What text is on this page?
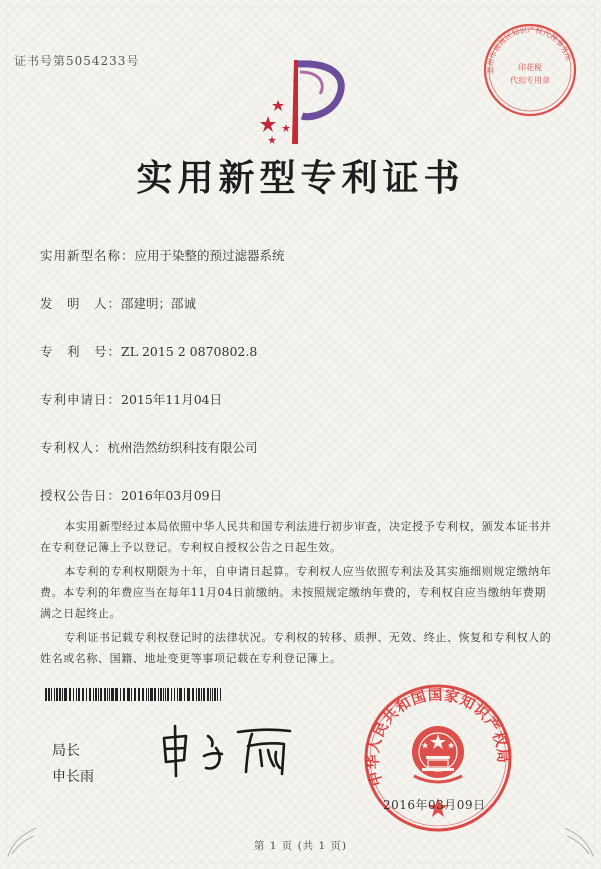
证书号第5054233号
温州市鹿城区知识产权代理事务所
印花税
代扣专用章
实用新型专利证书
实用新型名称：应用于染整的预过滤器系统
发　明　人：邵建明；邵诚
专　利　号：ZL 2015 2 0870802.8
专利申请日：2015年11月04日
专利权人：杭州浩然纺织科技有限公司
授权公告日：2016年03月09日

本实用新型经过本局依照中华人民共和国专利法进行初步审查，决定授予专利权，颁发本证书并在专利登记簿上予以登记。专利权自授权公告之日起生效。

本专利的专利权期限为十年，自申请日起算。专利权人应当依照专利法及其实施细则规定缴纳年费。本专利的年费应当在每年11月04日前缴纳。未按照规定缴纳年费的，专利权自应当缴纳年费期满之日起终止。

专利证书记载专利权登记时的法律状况。专利权的转移、质押、无效、终止、恢复和专利权人的姓名或名称、国籍、地址变更等事项记载在专利登记簿上。

局长
申长雨	中华人民共和国国家知识产权局
2016年03月09日
第 1 页 (共 1 页)
